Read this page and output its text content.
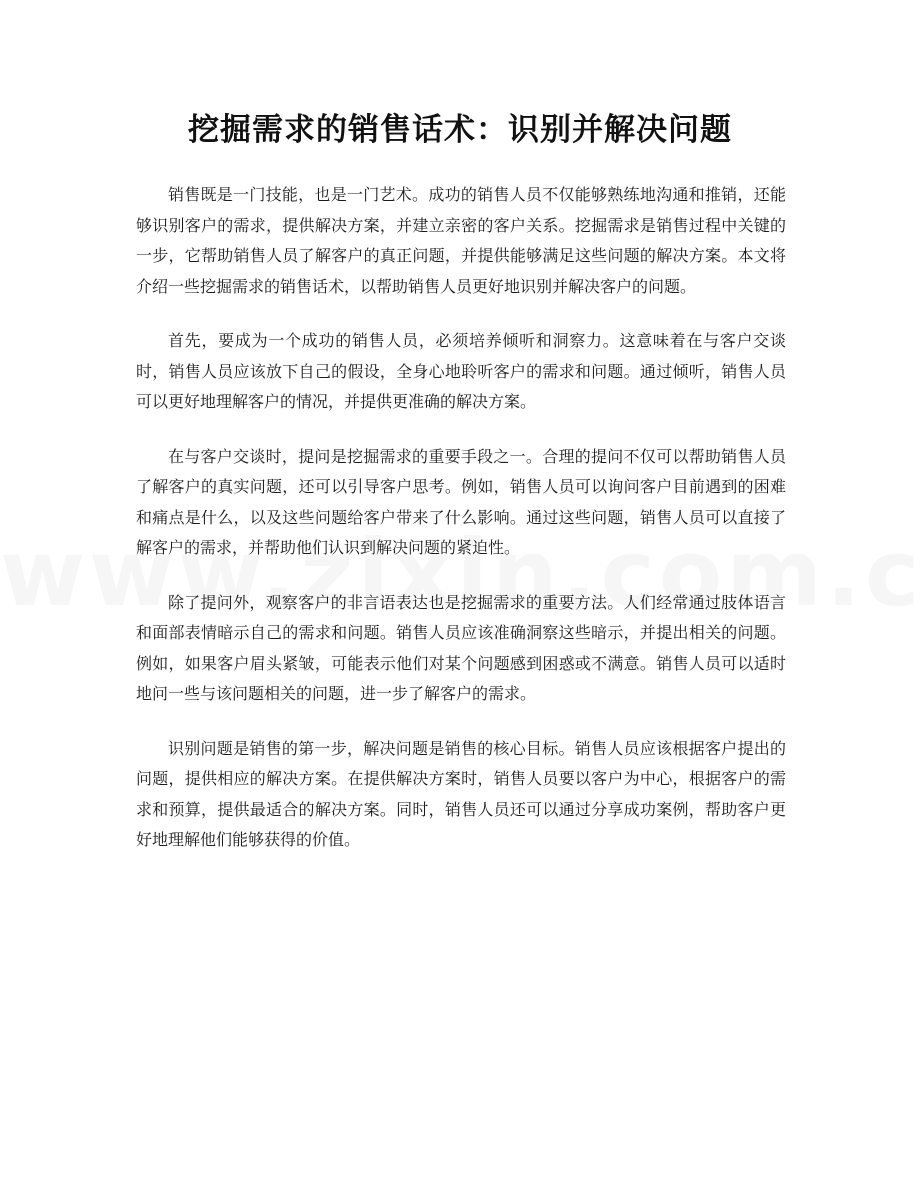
挖掘需求的销售话术：识别并解决问题

销售既是一门技能，也是一门艺术。成功的销售人员不仅能够熟练地沟通和推销，还能够识别客户的需求，提供解决方案，并建立亲密的客户关系。挖掘需求是销售过程中关键的一步，它帮助销售人员了解客户的真正问题，并提供能够满足这些问题的解决方案。本文将介绍一些挖掘需求的销售话术，以帮助销售人员更好地识别并解决客户的问题。

首先，要成为一个成功的销售人员，必须培养倾听和洞察力。这意味着在与客户交谈时，销售人员应该放下自己的假设，全身心地聆听客户的需求和问题。通过倾听，销售人员可以更好地理解客户的情况，并提供更准确的解决方案。

在与客户交谈时，提问是挖掘需求的重要手段之一。合理的提问不仅可以帮助销售人员了解客户的真实问题，还可以引导客户思考。例如，销售人员可以询问客户目前遇到的困难和痛点是什么，以及这些问题给客户带来了什么影响。通过这些问题，销售人员可以直接了解客户的需求，并帮助他们认识到解决问题的紧迫性。

除了提问外，观察客户的非言语表达也是挖掘需求的重要方法。人们经常通过肢体语言和面部表情暗示自己的需求和问题。销售人员应该准确洞察这些暗示，并提出相关的问题。例如，如果客户眉头紧皱，可能表示他们对某个问题感到困惑或不满意。销售人员可以适时地问一些与该问题相关的问题，进一步了解客户的需求。

识别问题是销售的第一步，解决问题是销售的核心目标。销售人员应该根据客户提出的问题，提供相应的解决方案。在提供解决方案时，销售人员要以客户为中心，根据客户的需求和预算，提供最适合的解决方案。同时，销售人员还可以通过分享成功案例，帮助客户更好地理解他们能够获得的价值。
